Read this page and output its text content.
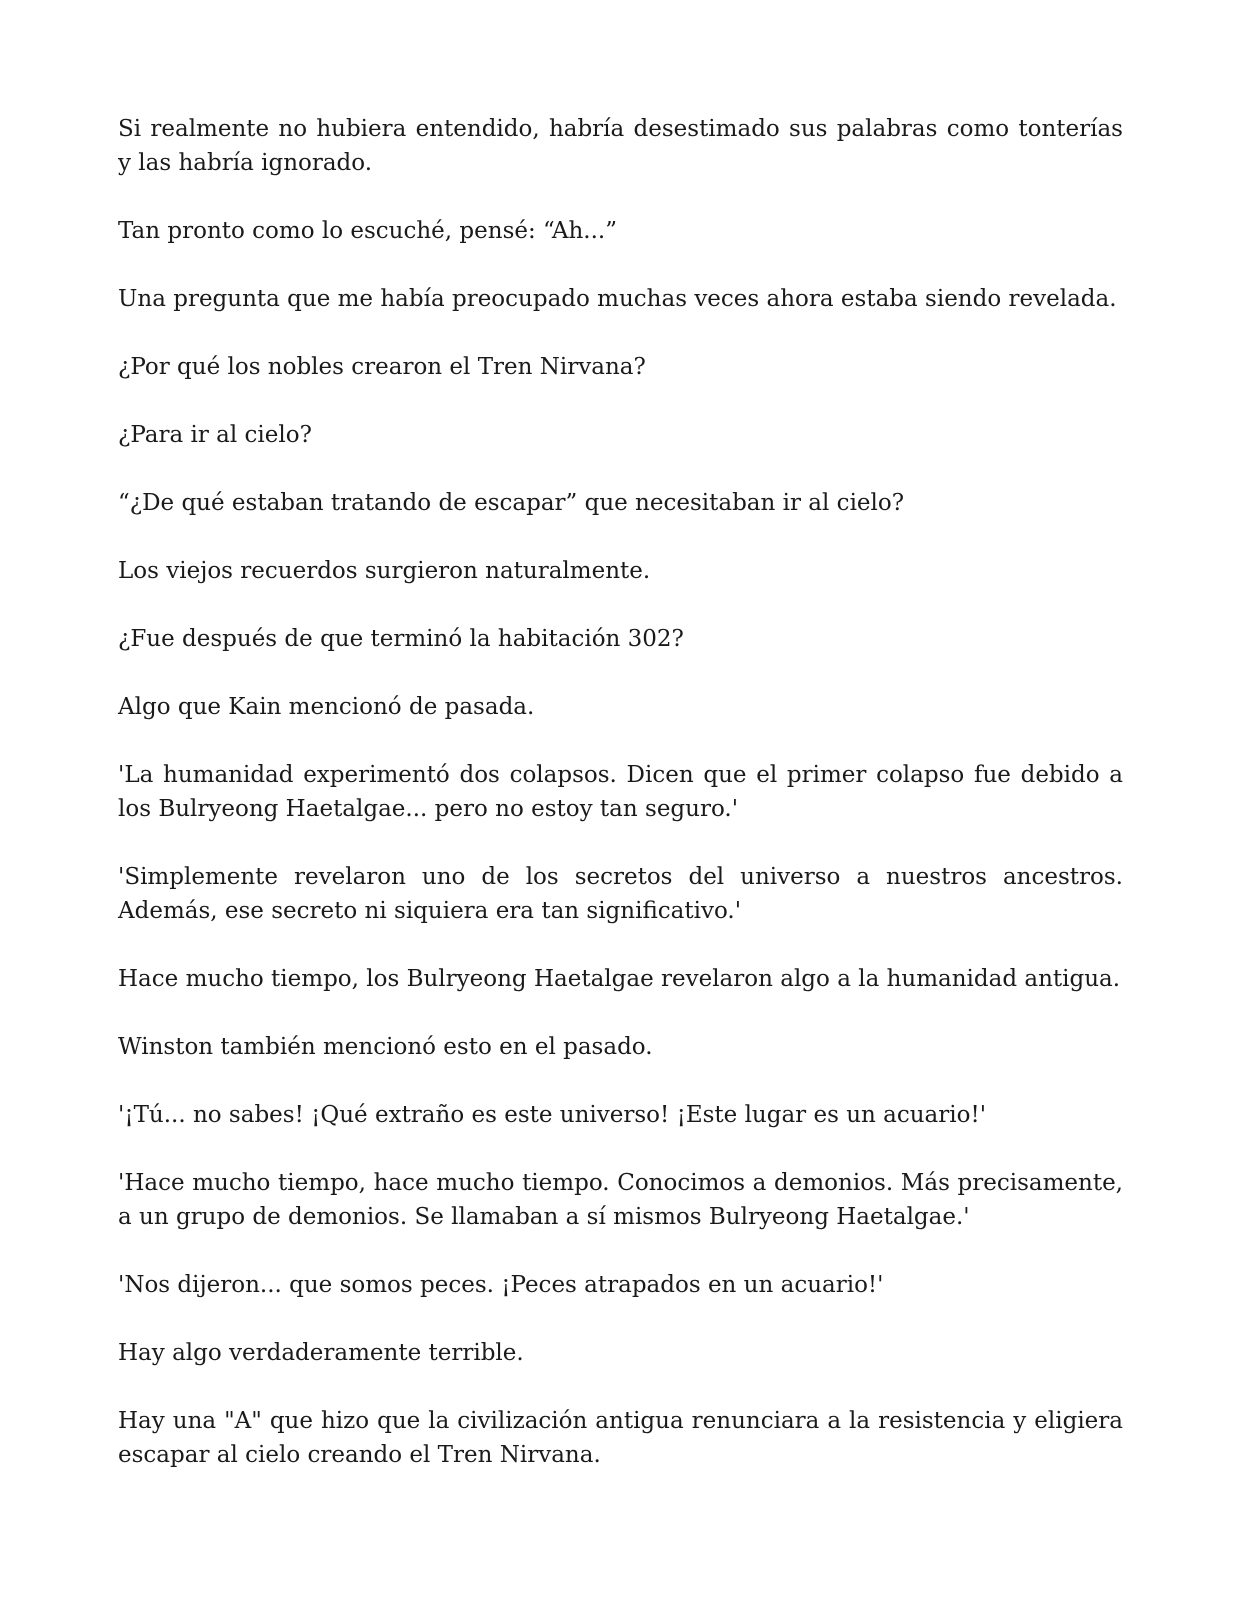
Si realmente no hubiera entendido, habría desestimado sus palabras como tonterías y las habría ignorado.

Tan pronto como lo escuché, pensé: “Ah...”

Una pregunta que me había preocupado muchas veces ahora estaba siendo revelada.

¿Por qué los nobles crearon el Tren Nirvana?

¿Para ir al cielo?

“¿De qué estaban tratando de escapar” que necesitaban ir al cielo?

Los viejos recuerdos surgieron naturalmente.

¿Fue después de que terminó la habitación 302?

Algo que Kain mencionó de pasada.

'La humanidad experimentó dos colapsos. Dicen que el primer colapso fue debido a los Bulryeong Haetalgae... pero no estoy tan seguro.'

'Simplemente revelaron uno de los secretos del universo a nuestros ancestros. Además, ese secreto ni siquiera era tan significativo.'

Hace mucho tiempo, los Bulryeong Haetalgae revelaron algo a la humanidad antigua.

Winston también mencionó esto en el pasado.

'¡Tú... no sabes! ¡Qué extraño es este universo! ¡Este lugar es un acuario!'

'Hace mucho tiempo, hace mucho tiempo. Conocimos a demonios. Más precisamente, a un grupo de demonios. Se llamaban a sí mismos Bulryeong Haetalgae.'

'Nos dijeron... que somos peces. ¡Peces atrapados en un acuario!'

Hay algo verdaderamente terrible.

Hay una "A" que hizo que la civilización antigua renunciara a la resistencia y eligiera escapar al cielo creando el Tren Nirvana.
